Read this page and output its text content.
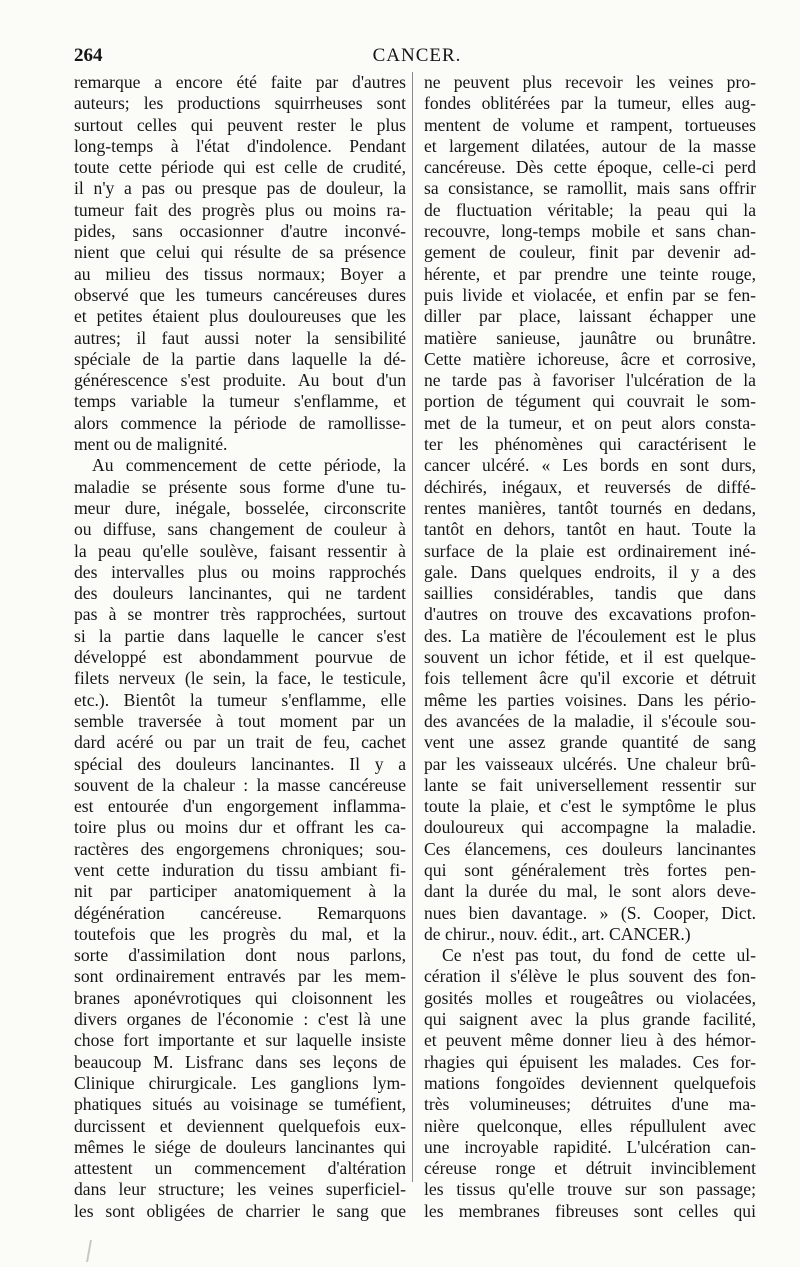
264	CANCER.
remarque a encore été faite par d'autres
auteurs; les productions squirrheuses sont
surtout celles qui peuvent rester le plus
long-temps à l'état d'indolence. Pendant
toute cette période qui est celle de crudité,
il n'y a pas ou presque pas de douleur, la
tumeur fait des progrès plus ou moins ra-
pides, sans occasionner d'autre inconvé-
nient que celui qui résulte de sa présence
au milieu des tissus normaux; Boyer a
observé que les tumeurs cancéreuses dures
et petites étaient plus douloureuses que les
autres; il faut aussi noter la sensibilité
spéciale de la partie dans laquelle la dé-
générescence s'est produite. Au bout d'un
temps variable la tumeur s'enflamme, et
alors commence la période de ramollisse-
ment ou de malignité.
Au commencement de cette période, la
maladie se présente sous forme d'une tu-
meur dure, inégale, bosselée, circonscrite
ou diffuse, sans changement de couleur à
la peau qu'elle soulève, faisant ressentir à
des intervalles plus ou moins rapprochés
des douleurs lancinantes, qui ne tardent
pas à se montrer très rapprochées, surtout
si la partie dans laquelle le cancer s'est
développé est abondamment pourvue de
filets nerveux (le sein, la face, le testicule,
etc.). Bientôt la tumeur s'enflamme, elle
semble traversée à tout moment par un
dard acéré ou par un trait de feu, cachet
spécial des douleurs lancinantes. Il y a
souvent de la chaleur : la masse cancéreuse
est entourée d'un engorgement inflamma-
toire plus ou moins dur et offrant les ca-
ractères des engorgemens chroniques; sou-
vent cette induration du tissu ambiant fi-
nit par participer anatomiquement à la
dégénération cancéreuse. Remarquons
toutefois que les progrès du mal, et la
sorte d'assimilation dont nous parlons,
sont ordinairement entravés par les mem-
branes aponévrotiques qui cloisonnent les
divers organes de l'économie : c'est là une
chose fort importante et sur laquelle insiste
beaucoup M. Lisfranc dans ses leçons de
Clinique chirurgicale. Les ganglions lym-
phatiques situés au voisinage se tuméfient,
durcissent et deviennent quelquefois eux-
mêmes le siége de douleurs lancinantes qui
attestent un commencement d'altération
dans leur structure; les veines superficiel-
les sont obligées de charrier le sang que
ne peuvent plus recevoir les veines pro-
fondes oblitérées par la tumeur, elles aug-
mentent de volume et rampent, tortueuses
et largement dilatées, autour de la masse
cancéreuse. Dès cette époque, celle-ci perd
sa consistance, se ramollit, mais sans offrir
de fluctuation véritable; la peau qui la
recouvre, long-temps mobile et sans chan-
gement de couleur, finit par devenir ad-
hérente, et par prendre une teinte rouge,
puis livide et violacée, et enfin par se fen-
diller par place, laissant échapper une
matière sanieuse, jaunâtre ou brunâtre.
Cette matière ichoreuse, âcre et corrosive,
ne tarde pas à favoriser l'ulcération de la
portion de tégument qui couvrait le som-
met de la tumeur, et on peut alors consta-
ter les phénomènes qui caractérisent le
cancer ulcéré. « Les bords en sont durs,
déchirés, inégaux, et reuversés de diffé-
rentes manières, tantôt tournés en dedans,
tantôt en dehors, tantôt en haut. Toute la
surface de la plaie est ordinairement iné-
gale. Dans quelques endroits, il y a des
saillies considérables, tandis que dans
d'autres on trouve des excavations profon-
des. La matière de l'écoulement est le plus
souvent un ichor fétide, et il est quelque-
fois tellement âcre qu'il excorie et détruit
même les parties voisines. Dans les pério-
des avancées de la maladie, il s'écoule sou-
vent une assez grande quantité de sang
par les vaisseaux ulcérés. Une chaleur brû-
lante se fait universellement ressentir sur
toute la plaie, et c'est le symptôme le plus
douloureux qui accompagne la maladie.
Ces élancemens, ces douleurs lancinantes
qui sont généralement très fortes pen-
dant la durée du mal, le sont alors deve-
nues bien davantage. » (S. Cooper, Dict.
de chirur., nouv. édit., art. CANCER.)
Ce n'est pas tout, du fond de cette ul-
cération il s'élève le plus souvent des fon-
gosités molles et rougeâtres ou violacées,
qui saignent avec la plus grande facilité,
et peuvent même donner lieu à des hémor-
rhagies qui épuisent les malades. Ces for-
mations fongoïdes deviennent quelquefois
très volumineuses; détruites d'une ma-
nière quelconque, elles répullulent avec
une incroyable rapidité. L'ulcération can-
céreuse ronge et détruit invinciblement
les tissus qu'elle trouve sur son passage;
les membranes fibreuses sont celles qui
